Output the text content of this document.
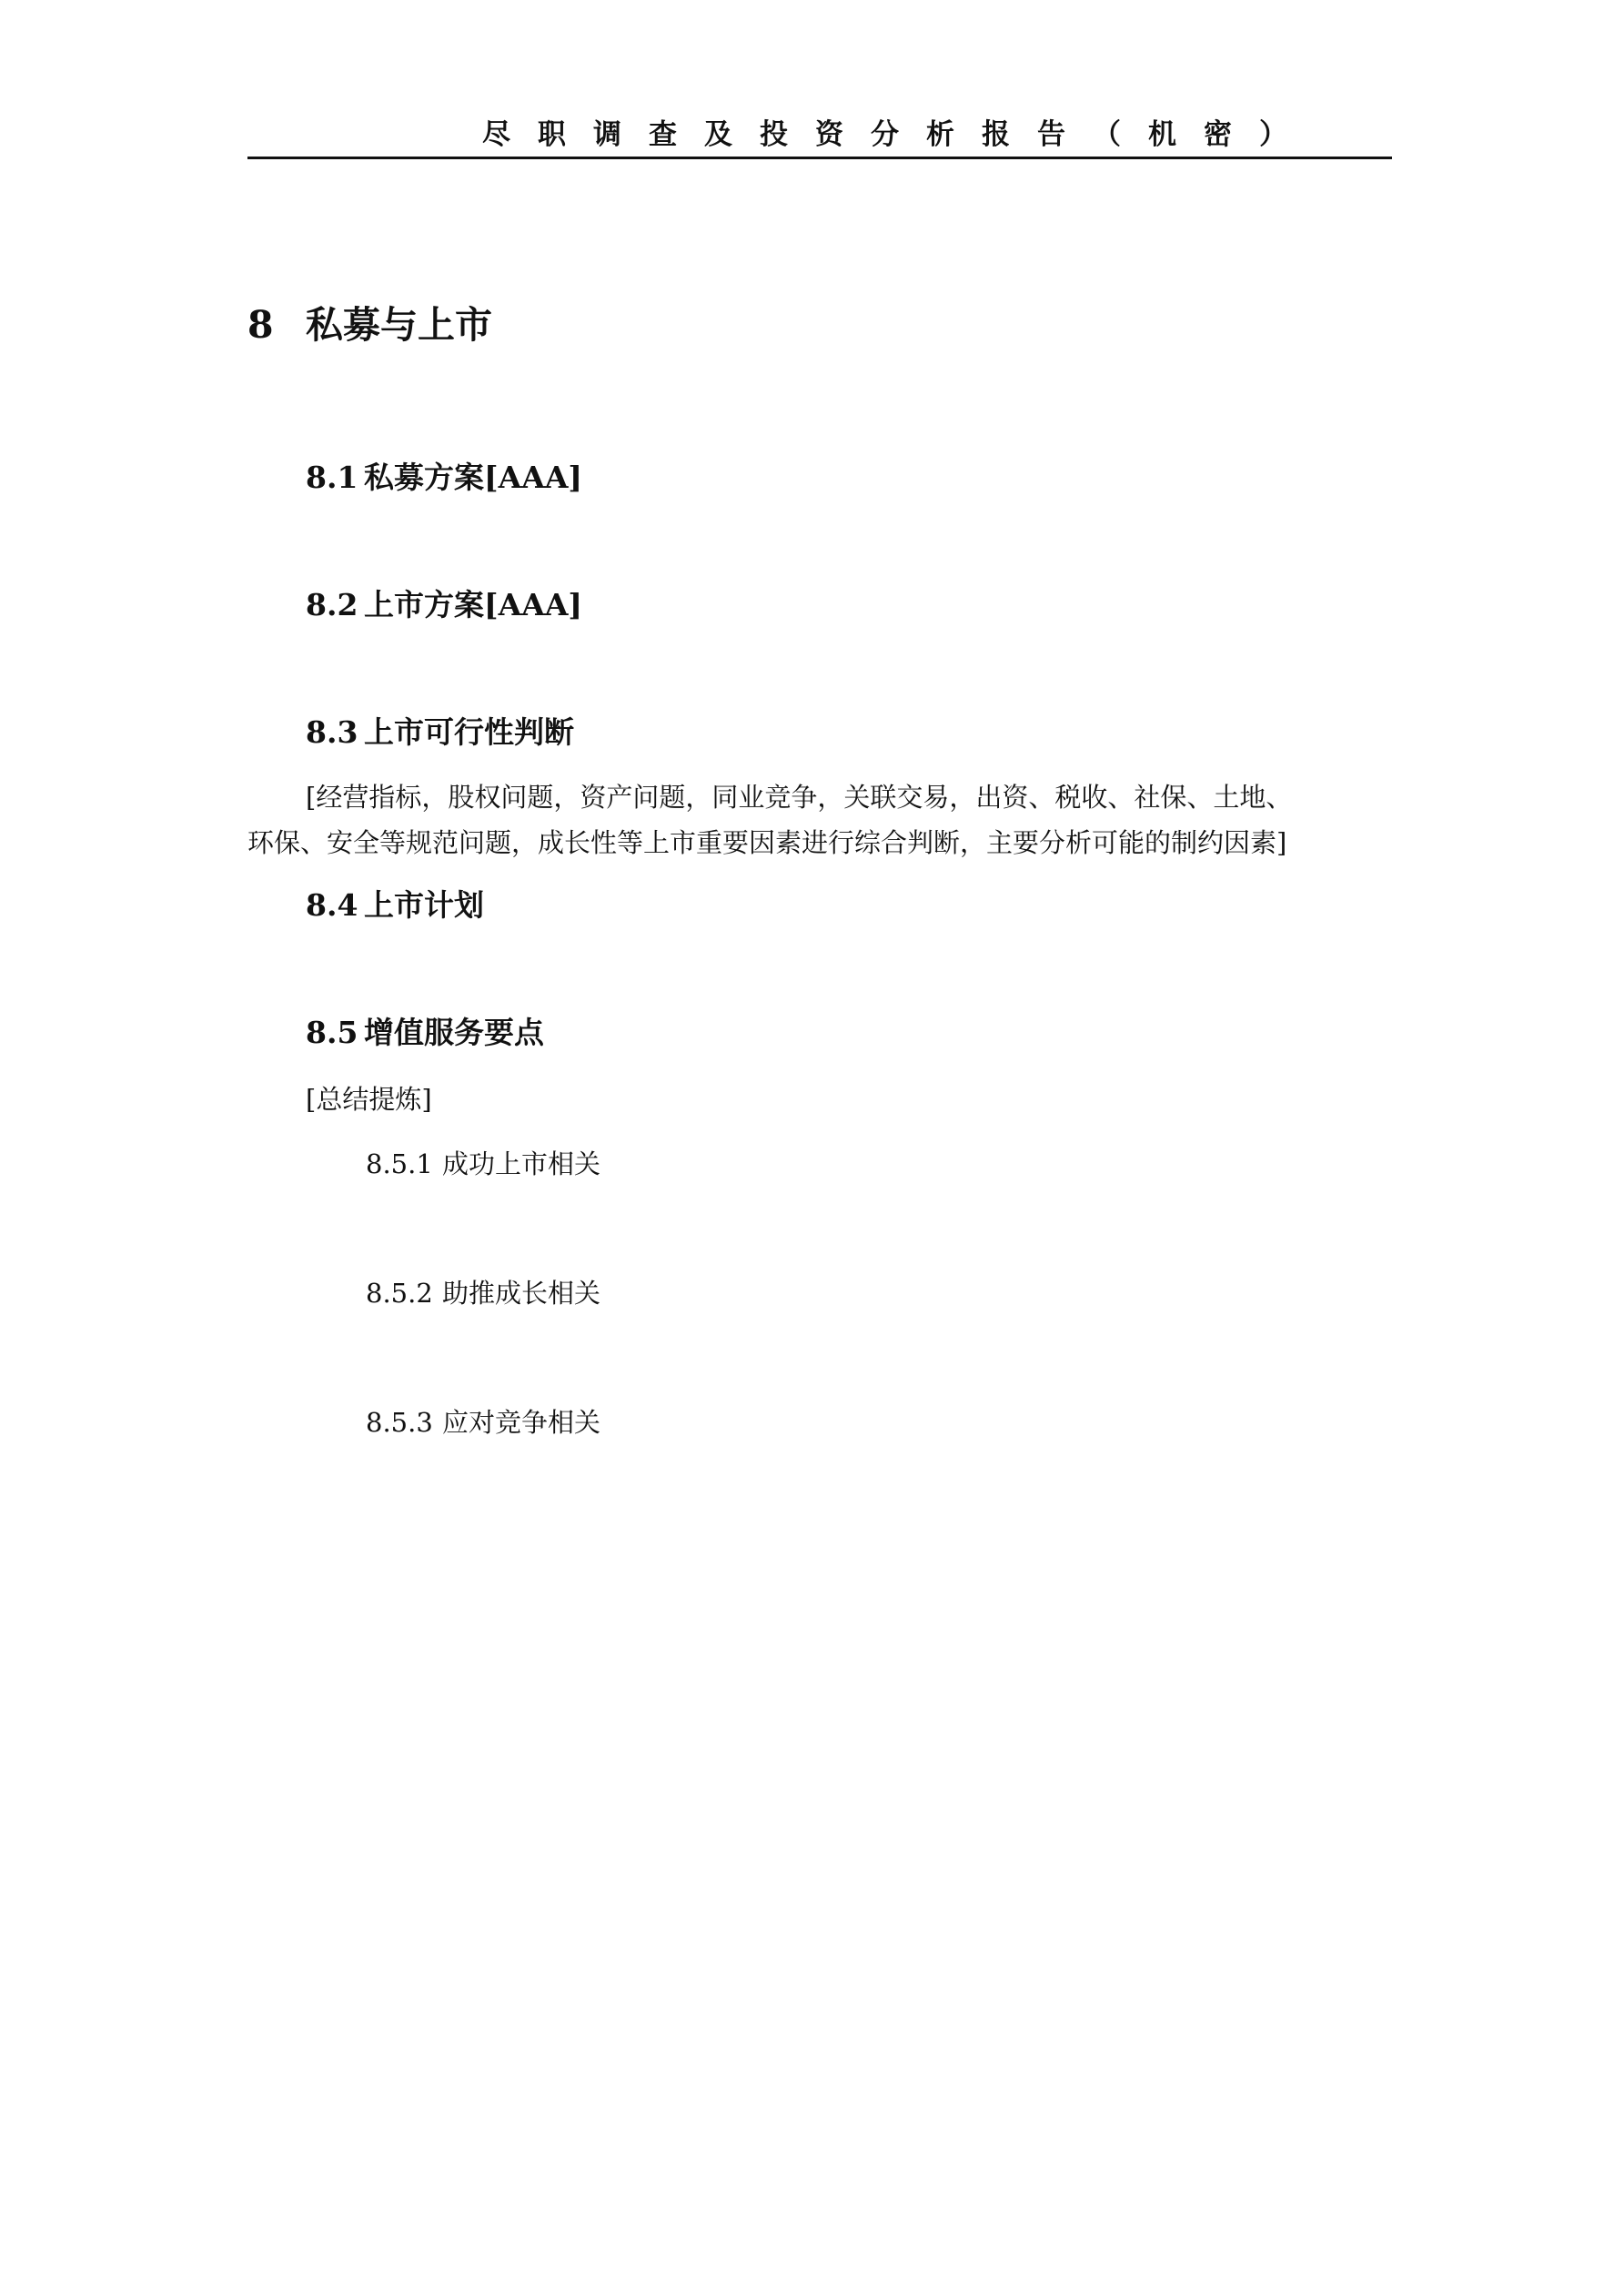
尽职调查及投资分析报告（机密）
8 私募与上市
8.1 私募方案[AAA]
8.2 上市方案[AAA]
8.3 上市可行性判断
[经营指标，股权问题，资产问题，同业竞争，关联交易，出资、税收、社保、土地、
环保、安全等规范问题，成长性等上市重要因素进行综合判断，主要分析可能的制约因素]
8.4 上市计划
8.5 增值服务要点
[总结提炼]
8.5.1 成功上市相关
8.5.2 助推成长相关
8.5.3 应对竞争相关
